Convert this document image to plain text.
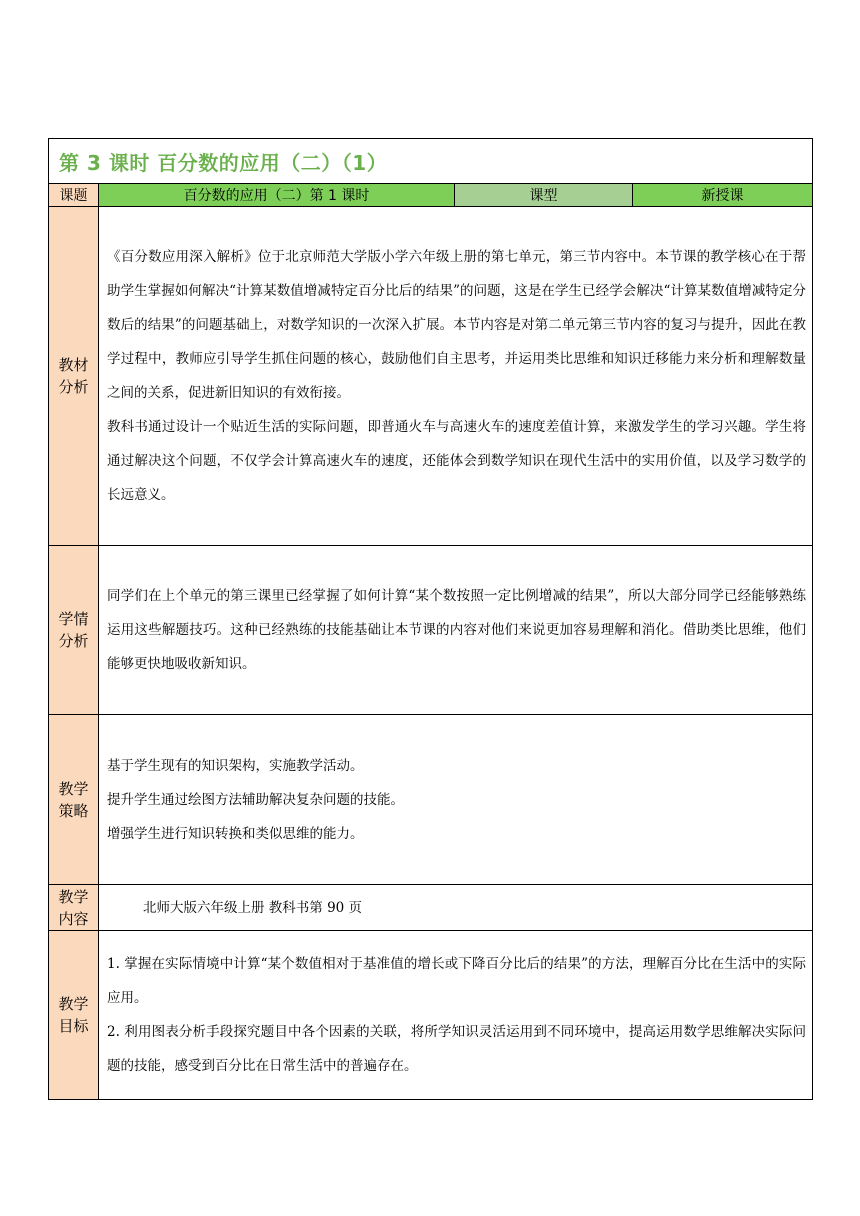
第 3 课时 百分数的应用（二）（1）			
课题	百分数的应用（二）第 1 课时	课型	新授课

教材分析	《百分数应用深入解析》位于北京师范大学版小学六年级上册的第七单元，第三节内容中。本节课的教学核心在于帮助学生掌握如何解决“计算某数值增减特定百分比后的结果”的问题，这是在学生已经学会解决“计算某数值增减特定分数后的结果”的问题基础上，对数学知识的一次深入扩展。本节内容是对第二单元第三节内容的复习与提升，因此在教学过程中，教师应引导学生抓住问题的核心，鼓励他们自主思考，并运用类比思维和知识迁移能力来分析和理解数量之间的关系，促进新旧知识的有效衔接。

教科书通过设计一个贴近生活的实际问题，即普通火车与高速火车的速度差值计算，来激发学生的学习兴趣。学生将通过解决这个问题，不仅学会计算高速火车的速度，还能体会到数学知识在现代生活中的实用价值，以及学习数学的长远意义。		

学情分析	同学们在上个单元的第三课里已经掌握了如何计算“某个数按照一定比例增减的结果”，所以大部分同学已经能够熟练运用这些解题技巧。这种已经熟练的技能基础让本节课的内容对他们来说更加容易理解和消化。借助类比思维，他们能够更快地吸收新知识。		

教学策略	基于学生现有的知识架构，实施教学活动。

提升学生通过绘图方法辅助解决复杂问题的技能。

增强学生进行知识转换和类似思维的能力。		

教学内容	北师大版六年级上册 教科书第 90 页		

教学目标	1. 掌握在实际情境中计算“某个数值相对于基准值的增长或下降百分比后的结果”的方法，理解百分比在生活中的实际应用。

2. 利用图表分析手段探究题目中各个因素的关联，将所学知识灵活运用到不同环境中，提高运用数学思维解决实际问题的技能，感受到百分比在日常生活中的普遍存在。		
